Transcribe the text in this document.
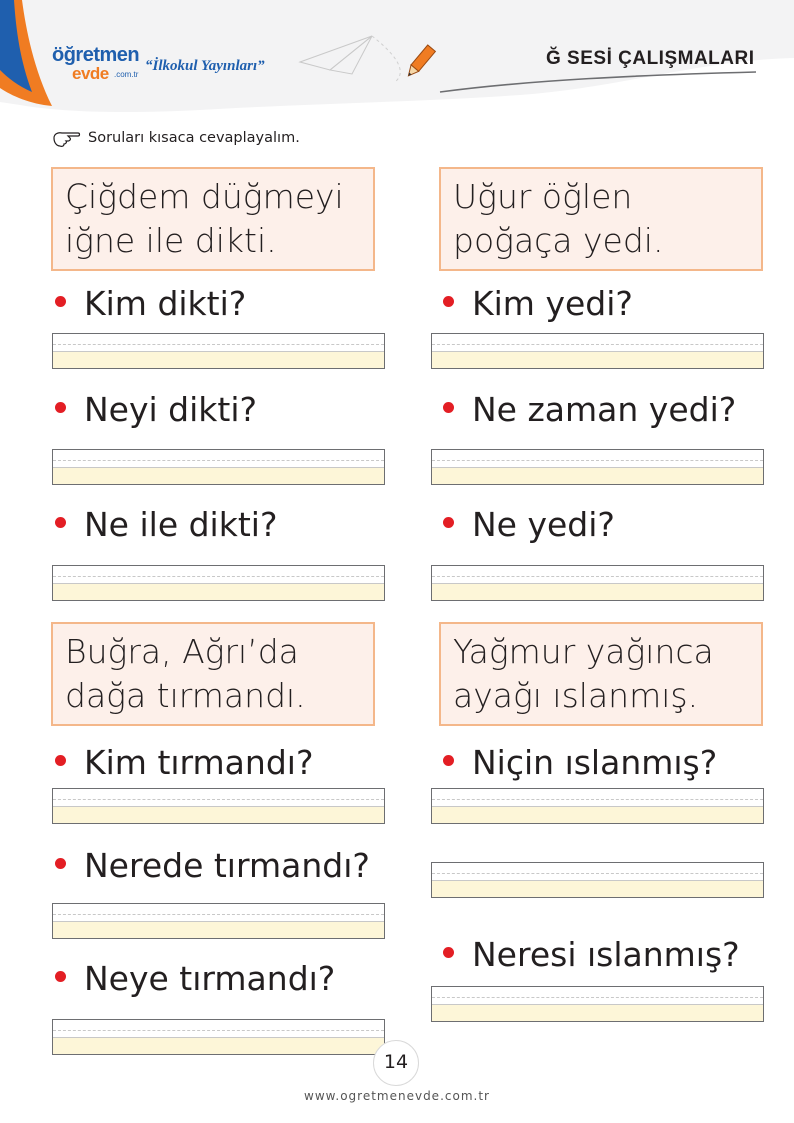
öğretmen
evde .com.tr
“İlkokul Yayınları”	Ğ SESİ ÇALIŞMALARI
Soruları kısaca cevaplayalım.
Çiğdem düğmeyi iğne ile dikti.
Uğur öğlen poğaça yedi.
Buğra, Ağrı’da dağa tırmandı.
Yağmur yağınca ayağı ıslanmış.
Kim dikti?
Neyi dikti?
Ne ile dikti?
Kim yedi?
Ne zaman yedi?
Ne yedi?
Kim tırmandı?
Nerede tırmandı?
Neye tırmandı?
Niçin ıslanmış?
Neresi ıslanmış?
14
www.ogretmenevde.com.tr
